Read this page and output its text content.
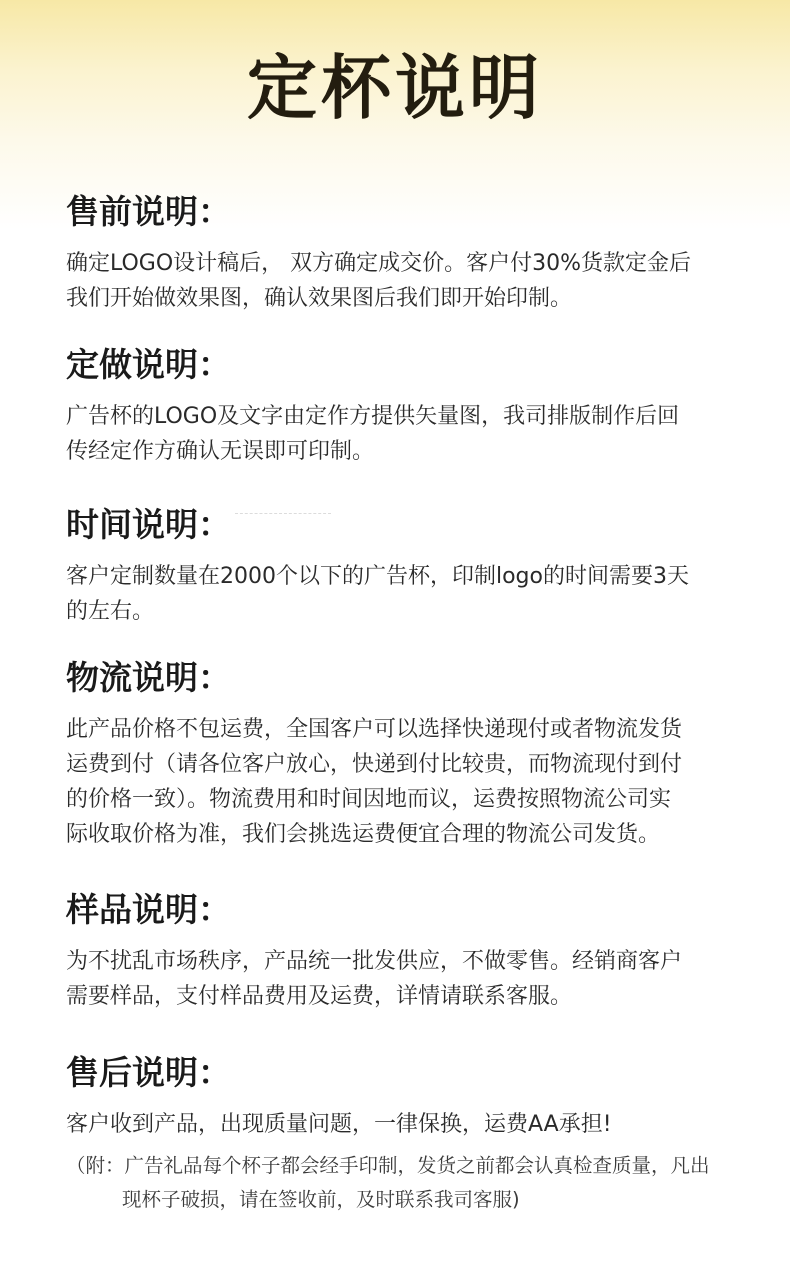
定杯说明
售前说明：
确定LOGO设计稿后， 双方确定成交价。客户付30%货款定金后
我们开始做效果图，确认效果图后我们即开始印制。
定做说明：
广告杯的LOGO及文字由定作方提供矢量图，我司排版制作后回
传经定作方确认无误即可印制。
时间说明：
客户定制数量在2000个以下的广告杯，印制logo的时间需要3天
的左右。
物流说明：
此产品价格不包运费，全国客户可以选择快递现付或者物流发货
运费到付（请各位客户放心，快递到付比较贵，而物流现付到付
的价格一致）。物流费用和时间因地而议，运费按照物流公司实
际收取价格为准，我们会挑选运费便宜合理的物流公司发货。
样品说明：
为不扰乱市场秩序，产品统一批发供应，不做零售。经销商客户
需要样品，支付样品费用及运费，详情请联系客服。
售后说明：
客户收到产品，出现质量问题，一律保换，运费AA承担!
（附：广告礼品每个杯子都会经手印制，发货之前都会认真检查质量，凡出
现杯子破损，请在签收前，及时联系我司客服)
